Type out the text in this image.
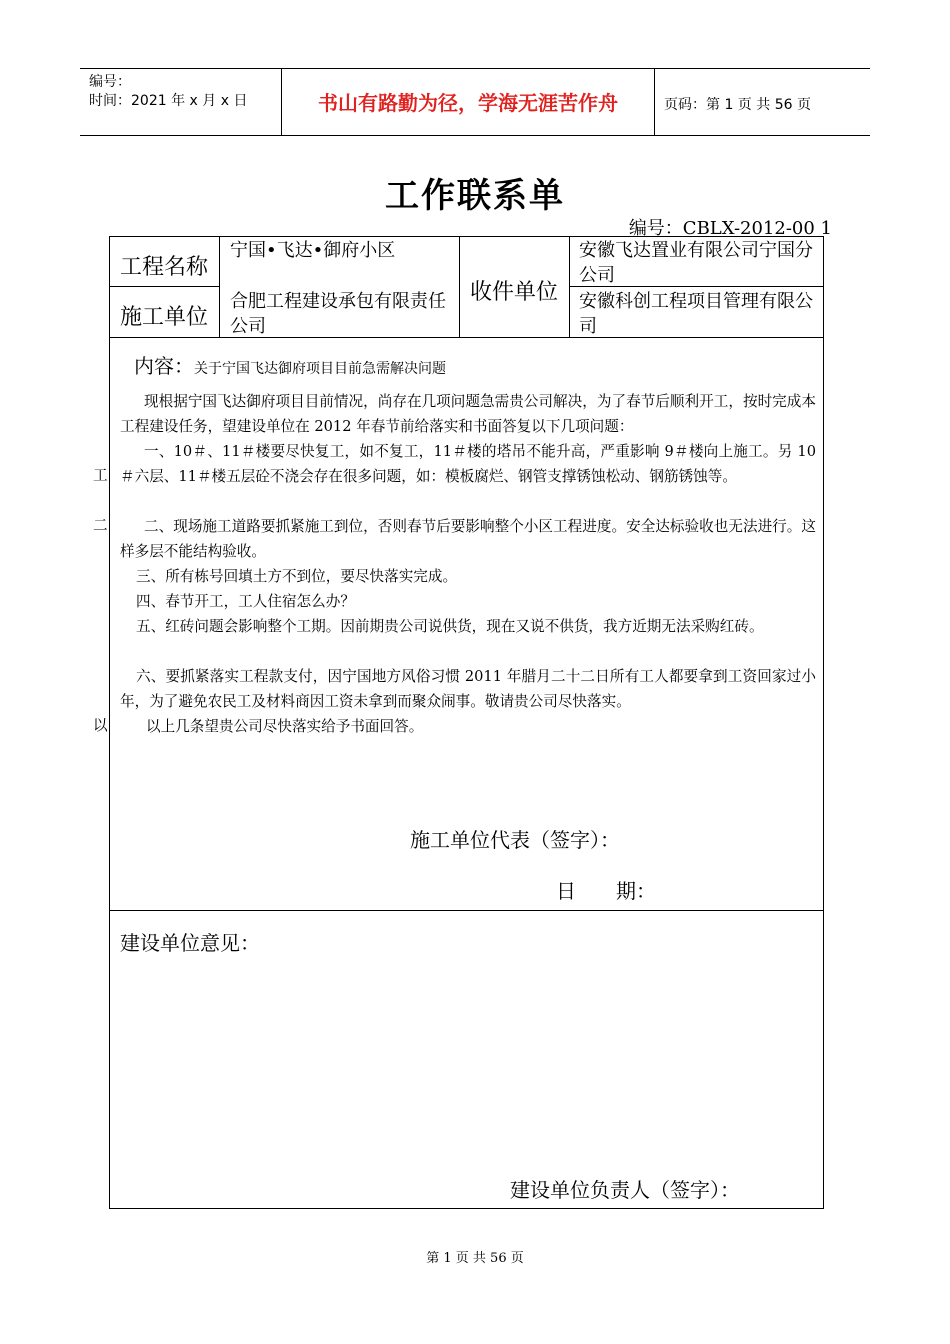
编号：
时间：2021 年 x 月 x 日	书山有路勤为径，学海无涯苦作舟	页码：第 1 页 共 56 页
工作联系单
编号：CBLX-2012-00 1
工程名称
宁国•飞达•御府小区
收件单位
安徽飞达置业有限公司宁国分公司
施工单位
合肥工程建设承包有限责任公司
安徽科创工程项目管理有限公司
内容：关于宁国飞达御府项目目前急需解决问题

现根据宁国飞达御府项目目前情况，尚存在几项问题急需贵公司解决，为了春节后顺利开工，按时完成本工程建设任务，望建设单位在 2012 年春节前给落实和书面答复以下几项问题：

一、10＃、11＃楼要尽快复工，如不复工，11＃楼的塔吊不能升高，严重影响 9＃楼向上施工。另 10＃六层、11＃楼五层砼不浇会存在很多问题，如：模板腐烂、钢管支撑锈蚀松动、钢筋锈蚀等。

二、现场施工道路要抓紧施工到位，否则春节后要影响整个小区工程进度。安全达标验收也无法进行。这样多层不能结构验收。

三、所有栋号回填土方不到位，要尽快落实完成。

四、春节开工，工人住宿怎么办？

五、红砖问题会影响整个工期。因前期贵公司说供货，现在又说不供货，我方近期无法采购红砖。

六、要抓紧落实工程款支付，因宁国地方风俗习惯 2011 年腊月二十二日所有工人都要拿到工资回家过小年，为了避免农民工及材料商因工资未拿到而聚众闹事。敬请贵公司尽快落实。

以上几条望贵公司尽快落实给予书面回答。

工
二
以
施工单位代表（签字）：
日　　期：
建设单位意见：
建设单位负责人（签字）：
第 1 页 共 56 页
